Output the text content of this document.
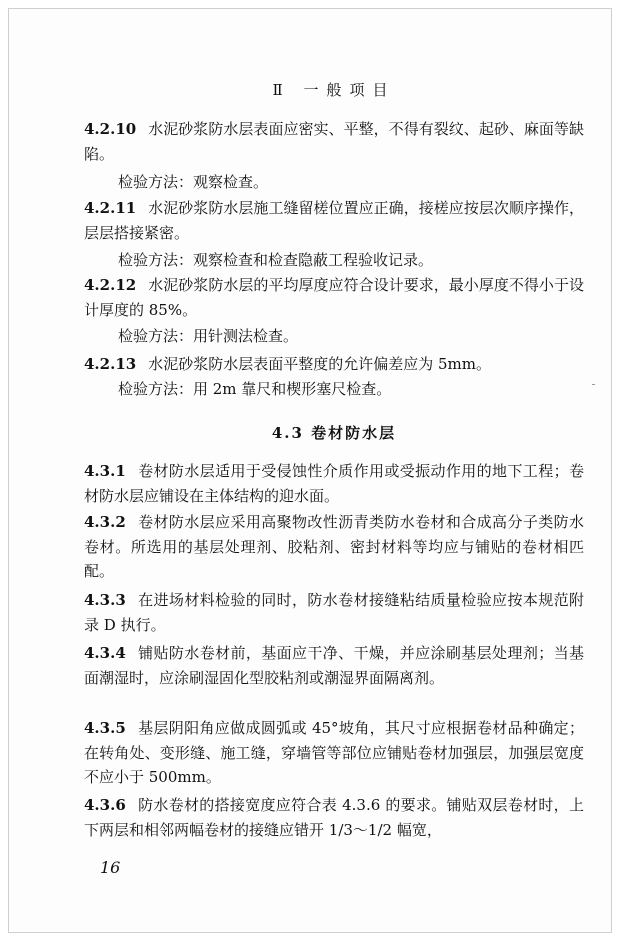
Ⅱ 一般项目
4.2.10 水泥砂浆防水层表面应密实、平整，不得有裂纹、起砂、麻面等缺陷。
检验方法：观察检查。
4.2.11 水泥砂浆防水层施工缝留槎位置应正确，接槎应按层次顺序操作，层层搭接紧密。
检验方法：观察检查和检查隐蔽工程验收记录。
4.2.12 水泥砂浆防水层的平均厚度应符合设计要求，最小厚度不得小于设计厚度的 85%。
检验方法：用针测法检查。
4.2.13 水泥砂浆防水层表面平整度的允许偏差应为 5mm。
检验方法：用 2m 靠尺和楔形塞尺检查。
4.3 卷材防水层
4.3.1 卷材防水层适用于受侵蚀性介质作用或受振动作用的地下工程；卷材防水层应铺设在主体结构的迎水面。
4.3.2 卷材防水层应采用高聚物改性沥青类防水卷材和合成高分子类防水卷材。所选用的基层处理剂、胶粘剂、密封材料等均应与铺贴的卷材相匹配。
4.3.3 在进场材料检验的同时，防水卷材接缝粘结质量检验应按本规范附录 D 执行。
4.3.4 铺贴防水卷材前，基面应干净、干燥，并应涂刷基层处理剂；当基面潮湿时，应涂刷湿固化型胶粘剂或潮湿界面隔离剂。
4.3.5 基层阴阳角应做成圆弧或 45°坡角，其尺寸应根据卷材品种确定；在转角处、变形缝、施工缝，穿墙管等部位应铺贴卷材加强层，加强层宽度不应小于 500mm。
4.3.6 防水卷材的搭接宽度应符合表 4.3.6 的要求。铺贴双层卷材时，上下两层和相邻两幅卷材的接缝应错开 1/3～1/2 幅宽，
16
